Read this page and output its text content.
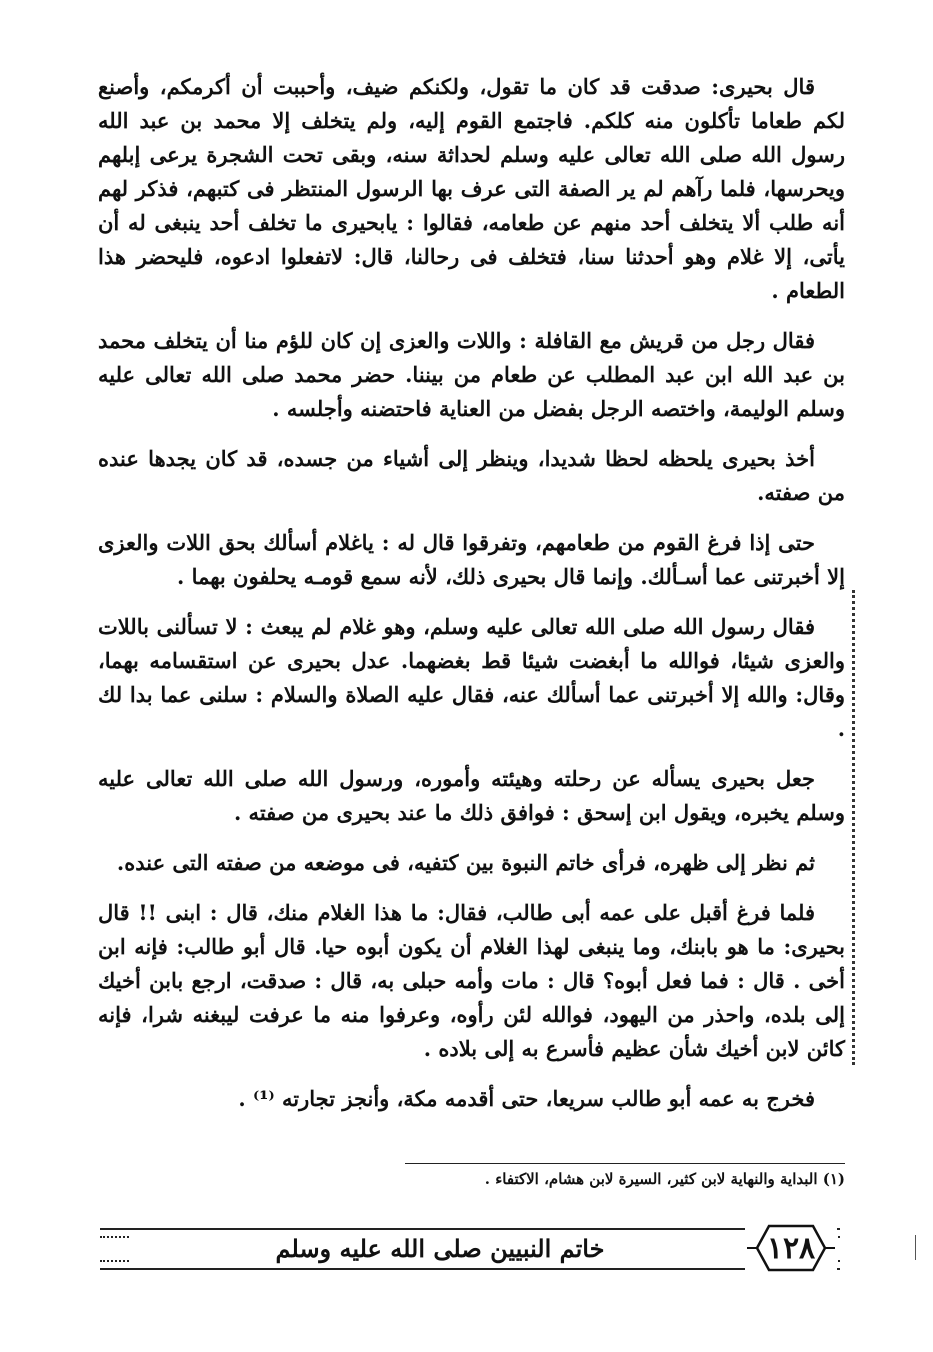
قال بحيرى: صدقت قد كان ما تقول، ولكنكم ضيف، وأحببت أن أكرمكم، وأصنع لكم طعاما تأكلون منه كلكم. فاجتمع القوم إليه، ولم يتخلف إلا محمد بن عبد الله رسول الله صلى الله تعالى عليه وسلم لحداثة سنه، وبقى تحت الشجرة يرعى إبلهم ويحرسها، فلما رآهم لم ير الصفة التى عرف بها الرسول المنتظر فى كتبهم، فذكر لهم أنه طلب ألا يتخلف أحد منهم عن طعامه، فقالوا : يابحيرى ما تخلف أحد ينبغى له أن يأتى، إلا غلام وهو أحدثنا سنا، فتخلف فى رحالنا، قال: لاتفعلوا ادعوه، فليحضر هذا الطعام .

فقال رجل من قريش مع القافلة : واللات والعزى إن كان للؤم منا أن يتخلف محمد بن عبد الله ابن عبد المطلب عن طعام من بيننا. حضر محمد صلى الله تعالى عليه وسلم الوليمة، واختصه الرجل بفضل من العناية فاحتضنه وأجلسه .

أخذ بحيرى يلحظه لحظا شديدا، وينظر إلى أشياء من جسده، قد كان يجدها عنده من صفته.

حتى إذا فرغ القوم من طعامهم، وتفرقوا قال له : ياغلام أسألك بحق اللات والعزى إلا أخبرتنى عما أسـألك. وإنما قال بحيرى ذلك، لأنه سمع قومـه يحلفون بهما .

فقال رسول الله صلى الله تعالى عليه وسلم، وهو غلام لم يبعث : لا تسألنى باللات والعزى شيئا، فوالله ما أبغضت شيئا قط بغضهما. عدل بحيرى عن استقسامه بهما، وقال: والله إلا أخبرتنى عما أسألك عنه، فقال عليه الصلاة والسلام : سلنى عما بدا لك .

جعل بحيرى يسأله عن رحلته وهيئته وأموره، ورسول الله صلى الله تعالى عليه وسلم يخبره، ويقول ابن إسحق : فوافق ذلك ما عند بحيرى من صفته .

ثم نظر إلى ظهره، فرأى خاتم النبوة بين كتفيه، فى موضعه من صفته التى عنده.

فلما فرغ أقبل على عمه أبى طالب، فقال: ما هذا الغلام منك، قال : ابنى !! قال بحيرى: ما هو بابنك، وما ينبغى لهذا الغلام أن يكون أبوه حيا. قال أبو طالب: فإنه ابن أخى . قال : فما فعل أبوه؟ قال : مات وأمه حبلى به، قال : صدقت، ارجع بابن أخيك إلى بلده، واحذر من اليهود، فوالله لئن رأوه، وعرفوا منه ما عرفت ليبغنه شرا، فإنه كائن لابن أخيك شأن عظيم فأسرع به إلى بلاده .

فخرج به عمه أبو طالب سريعا، حتى أقدمه مكة، وأنجز تجارته ⁽¹⁾ .

(١) البداية والنهاية لابن كثير، السيرة لابن هشام، الاكتفاء .
خاتم النبيين صلى الله عليه وسلم	١٢٨
